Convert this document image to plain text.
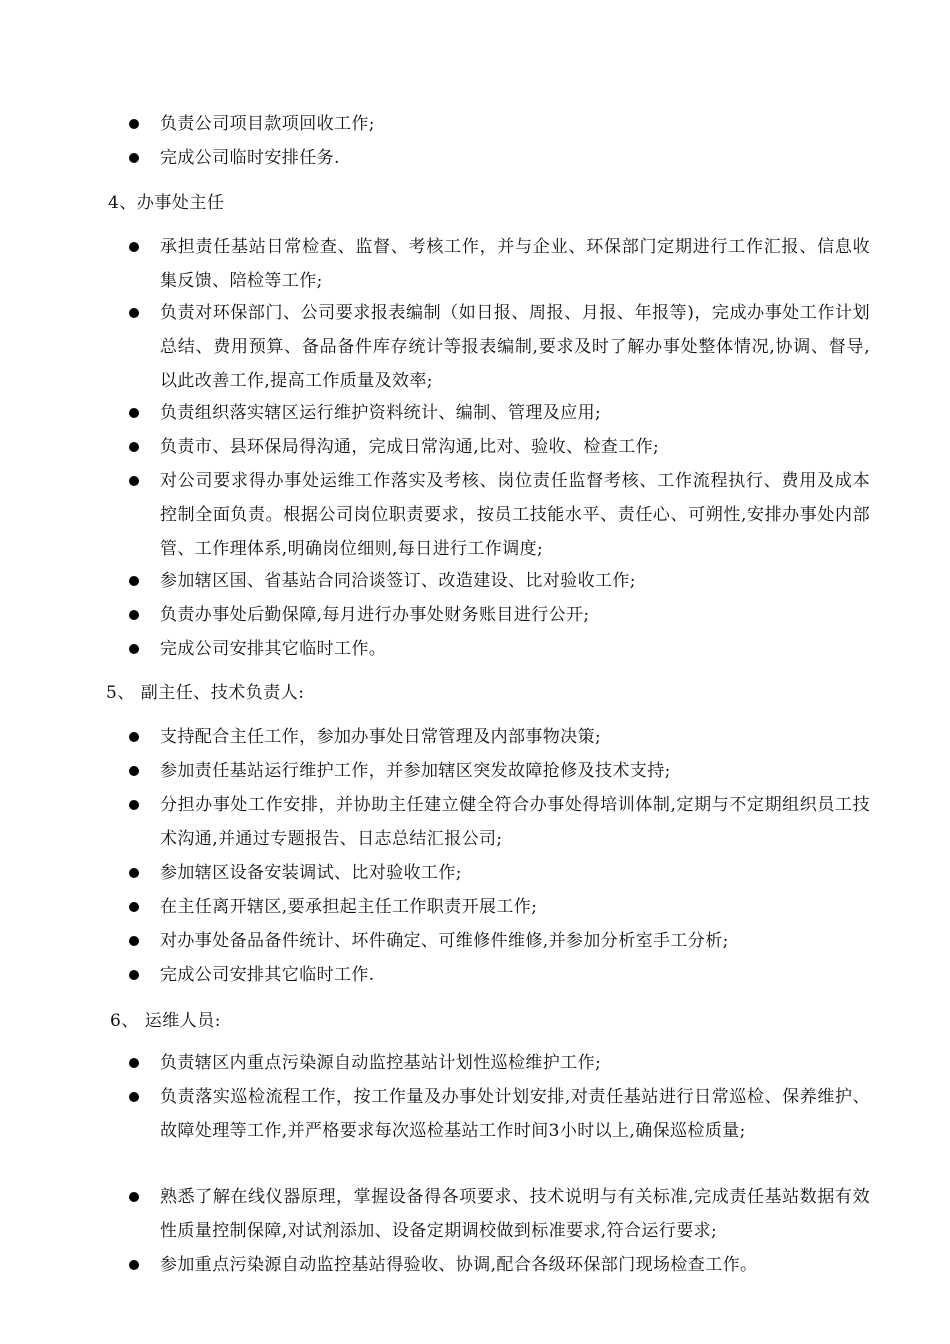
负责公司项目款项回收工作;
完成公司临时安排任务.
4、办事处主任
承担责任基站日常检查、监督、考核工作，并与企业、环保部门定期进行工作汇报、信息收集反馈、陪检等工作;
负责对环保部门、公司要求报表编制（如日报、周报、月报、年报等)，完成办事处工作计划总结、费用预算、备品备件库存统计等报表编制,要求及时了解办事处整体情况,协调、督导,以此改善工作,提高工作质量及效率;
负责组织落实辖区运行维护资料统计、编制、管理及应用;
负责市、县环保局得沟通，完成日常沟通,比对、验收、检查工作;
对公司要求得办事处运维工作落实及考核、岗位责任监督考核、工作流程执行、费用及成本控制全面负责。根据公司岗位职责要求，按员工技能水平、责任心、可朔性,安排办事处内部管、工作理体系,明确岗位细则,每日进行工作调度;
参加辖区国、省基站合同洽谈签订、改造建设、比对验收工作;
负责办事处后勤保障,每月进行办事处财务账目进行公开;
完成公司安排其它临时工作。
5、 副主任、技术负责人:
支持配合主任工作，参加办事处日常管理及内部事物决策;
参加责任基站运行维护工作，并参加辖区突发故障抢修及技术支持;
分担办事处工作安排，并协助主任建立健全符合办事处得培训体制,定期与不定期组织员工技术沟通,并通过专题报告、日志总结汇报公司;
参加辖区设备安装调试、比对验收工作;
在主任离开辖区,要承担起主任工作职责开展工作;
对办事处备品备件统计、坏件确定、可维修件维修,并参加分析室手工分析;
完成公司安排其它临时工作.
6、 运维人员:
负责辖区内重点污染源自动监控基站计划性巡检维护工作;
负责落实巡检流程工作，按工作量及办事处计划安排,对责任基站进行日常巡检、保养维护、故障处理等工作,并严格要求每次巡检基站工作时间3小时以上,确保巡检质量;
熟悉了解在线仪器原理，掌握设备得各项要求、技术说明与有关标准,完成责任基站数据有效性质量控制保障,对试剂添加、设备定期调校做到标准要求,符合运行要求;
参加重点污染源自动监控基站得验收、协调,配合各级环保部门现场检查工作。
